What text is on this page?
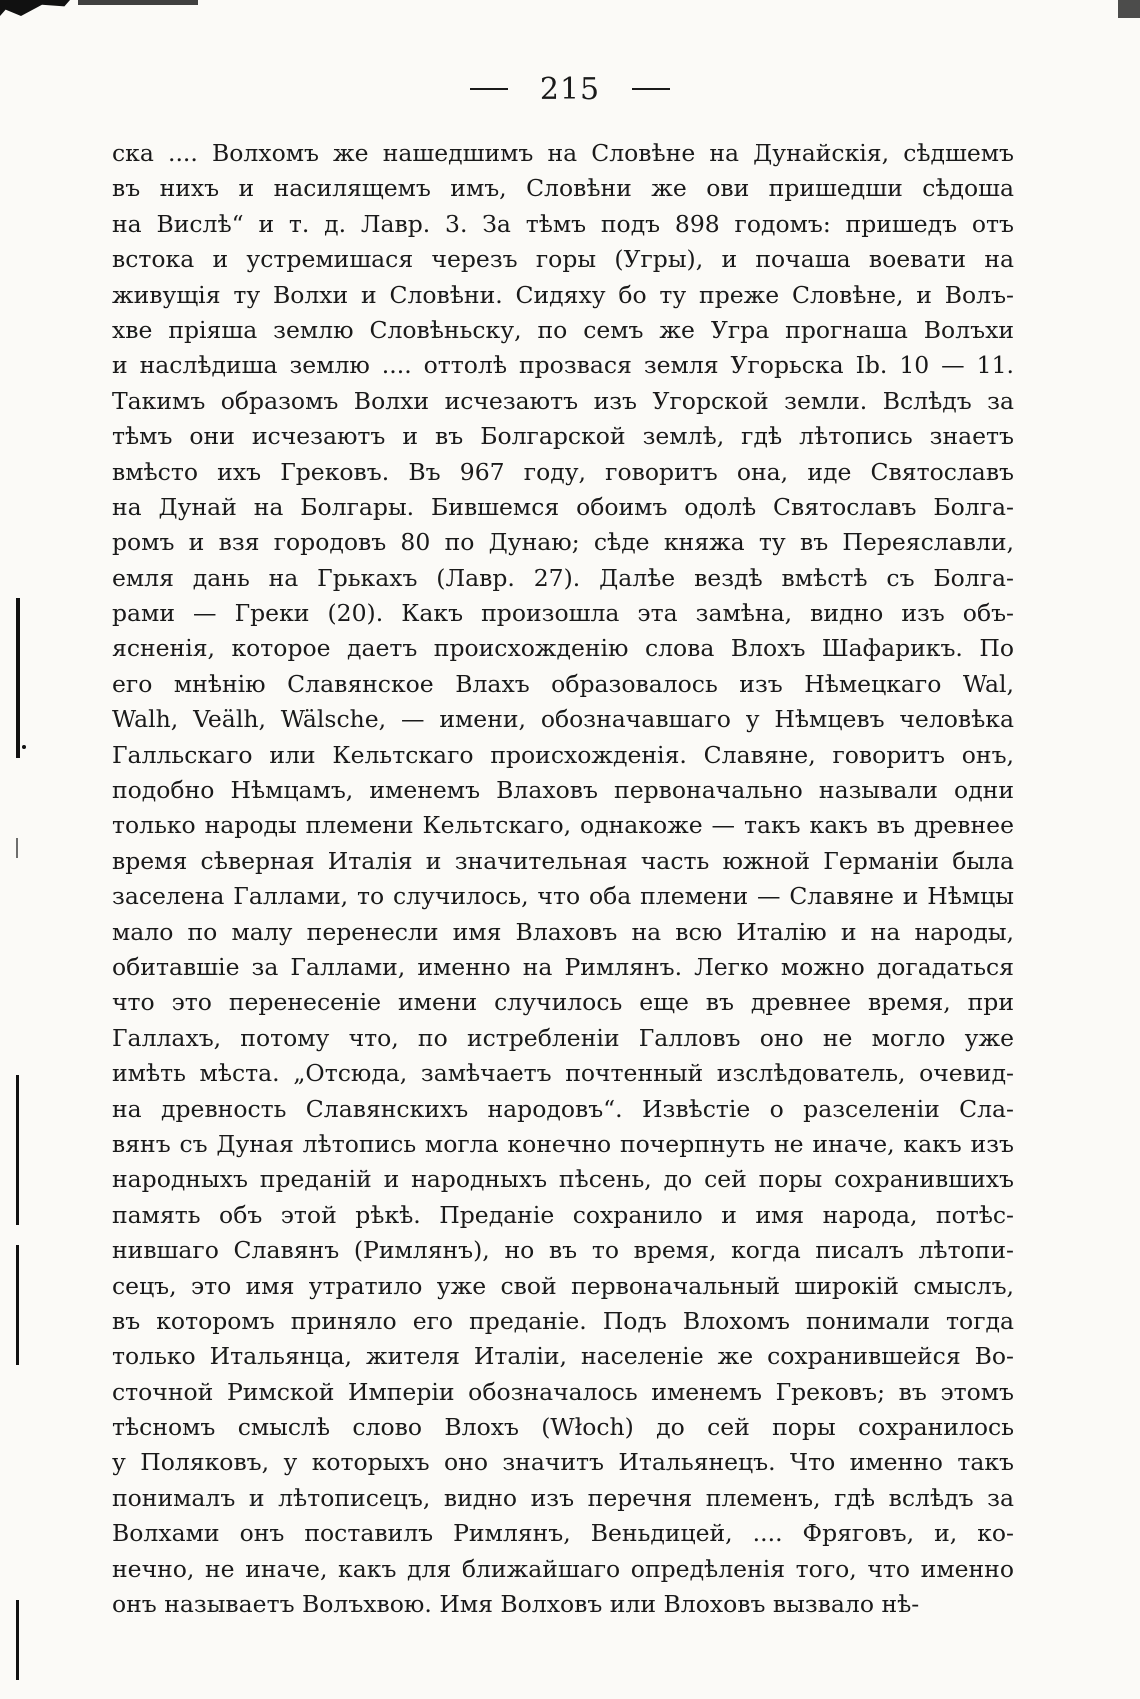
215
ска .... Волхомъ же нашедшимъ на Словѣне на Дунайскія, сѣдшемъ
въ нихъ и насилящемъ имъ, Словѣни же ови пришедши сѣдоша
на Вислѣ“ и т. д. Лавр. 3. За тѣмъ подъ 898 годомъ: пришедъ отъ
встока и устремишася черезъ горы (Угры), и почаша воевати на
живущія ту Волхи и Словѣни. Сидяху бо ту преже Словѣне, и Волъ-
хве пріяша землю Словѣньску, по семъ же Угра прогнаша Волъхи
и наслѣдиша землю .... оттолѣ прозвася земля Угорьска Ib. 10 — 11.
Такимъ образомъ Волхи исчезаютъ изъ Угорской земли. Вслѣдъ за
тѣмъ они исчезаютъ и въ Болгарской землѣ, гдѣ лѣтопись знаетъ
вмѣсто ихъ Грековъ. Въ 967 году, говоритъ она, иде Святославъ
на Дунай на Болгары. Бившемся обоимъ одолѣ Святославъ Болга-
ромъ и взя городовъ 80 по Дунаю; сѣде княжа ту въ Переяславли,
емля дань на Грькахъ (Лавр. 27). Далѣе вездѣ вмѣстѣ съ Болга-
рами — Греки (20). Какъ произошла эта замѣна, видно изъ объ-
ясненія, которое даетъ происхожденію слова Влохъ Шафарикъ. По
его мнѣнію Славянское Влахъ образовалось изъ Нѣмецкаго Wal,
Walh, Veälh, Wälsche, — имени, обозначавшаго у Нѣмцевъ человѣка
Галльскаго или Кельтскаго происхожденія. Славяне, говоритъ онъ,
подобно Нѣмцамъ, именемъ Влаховъ первоначально называли одни
только народы племени Кельтскаго, однакоже — такъ какъ въ древнее
время сѣверная Италія и значительная часть южной Германіи была
заселена Галлами, то случилось, что оба племени — Славяне и Нѣмцы
мало по малу перенесли имя Влаховъ на всю Италію и на народы,
обитавшіе за Галлами, именно на Римлянъ. Легко можно догадаться
что это перенесеніе имени случилось еще въ древнее время, при
Галлахъ, потому что, по истребленіи Галловъ оно не могло уже
имѣть мѣста. „Отсюда, замѣчаетъ почтенный изслѣдователь, очевид-
на древность Славянскихъ народовъ“. Извѣстіе о разселеніи Сла-
вянъ съ Дуная лѣтопись могла конечно почерпнуть не иначе, какъ изъ
народныхъ преданій и народныхъ пѣсень, до сей поры сохранившихъ
память объ этой рѣкѣ. Преданіе сохранило и имя народа, потѣс-
нившаго Славянъ (Римлянъ), но въ то время, когда писалъ лѣтопи-
сецъ, это имя утратило уже свой первоначальный широкій смыслъ,
въ которомъ приняло его преданіе. Подъ Влохомъ понимали тогда
только Итальянца, жителя Италіи, населеніе же сохранившейся Во-
сточной Римской Имперіи обозначалось именемъ Грековъ; въ этомъ
тѣсномъ смыслѣ слово Влохъ (Włoch) до сей поры сохранилось
у Поляковъ, у которыхъ оно значитъ Итальянецъ. Что именно такъ
понималъ и лѣтописецъ, видно изъ перечня племенъ, гдѣ вслѣдъ за
Волхами онъ поставилъ Римлянъ, Веньдицей, .... Фряговъ, и, ко-
нечно, не иначе, какъ для ближайшаго опредѣленія того, что именно
онъ называетъ Волъхвою. Имя Волховъ или Влоховъ вызвало нѣ-
